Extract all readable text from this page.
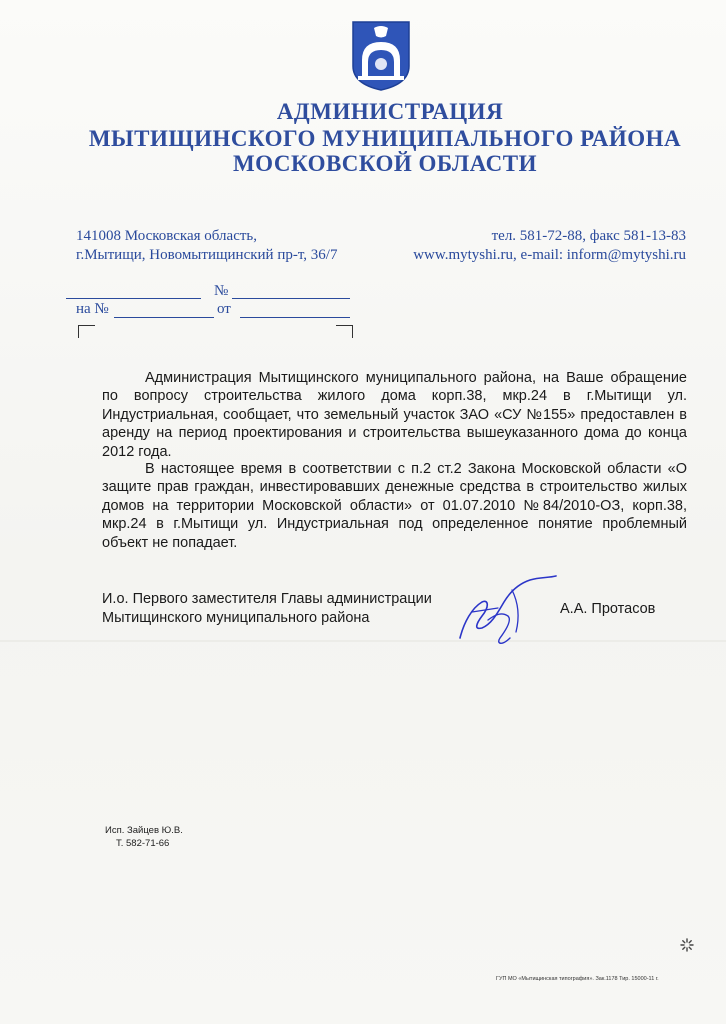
АДМИНИСТРАЦИЯ
МЫТИЩИНСКОГО МУНИЦИПАЛЬНОГО РАЙОНА
МОСКОВСКОЙ ОБЛАСТИ
141008 Московская область,
г.Мытищи, Новомытищинский пр-т, 36/7
тел. 581-72-88, факс 581-13-83
www.mytyshi.ru, e-mail: inform@mytyshi.ru
№
на №	от

Администрация Мытищинского муниципального района, на Ваше обращение по вопросу строительства жилого дома корп.38, мкр.24 в г.Мытищи ул. Индустриальная, сообщает, что земельный участок ЗАО «СУ №155» предоставлен в аренду на период проектирования и строительства вышеуказанного дома до конца 2012 года.

В настоящее время в соответствии с п.2 ст.2 Закона Московской области «О защите прав граждан, инвестировавших денежные средства в строительство жилых домов на территории Московской области» от 01.07.2010 №84/2010-ОЗ, корп.38, мкр.24 в г.Мытищи ул. Индустриальная под определенное понятие проблемный объект не попадает.

И.о. Первого заместителя Главы администрации
Мытищинского муниципального района
А.А. Протасов
Исп. Зайцев Ю.В.
Т. 582-71-66
ГУП МО «Мытищинская типография». Зак.1178 Тир. 15000-11 г.
